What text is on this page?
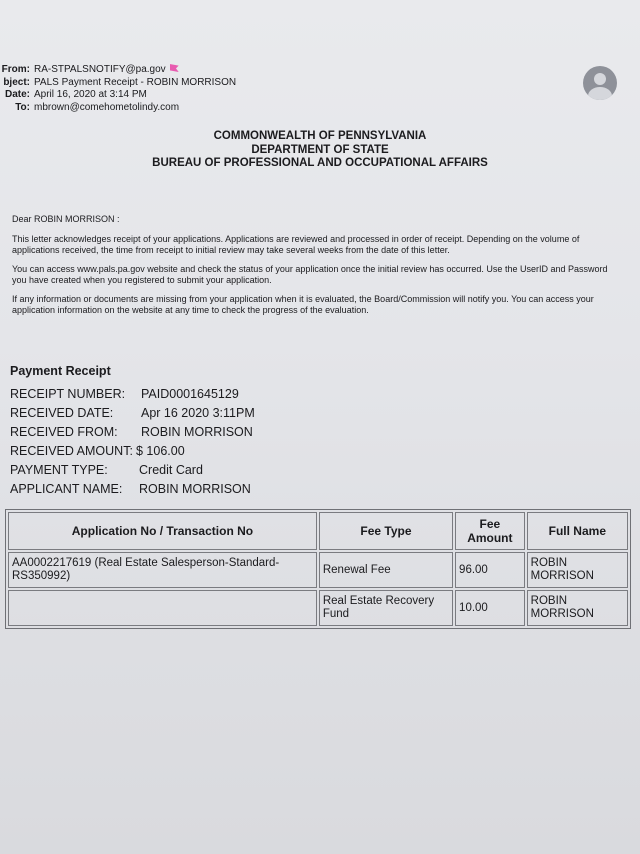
From: RA-STPALSNOTIFY@pa.gov
bject: PALS Payment Receipt - ROBIN MORRISON
Date: April 16, 2020 at 3:14 PM
To: mbrown@comehometolindy.com
COMMONWEALTH OF PENNSYLVANIA
DEPARTMENT OF STATE
BUREAU OF PROFESSIONAL AND OCCUPATIONAL AFFAIRS

Dear ROBIN MORRISON :

This letter acknowledges receipt of your applications. Applications are reviewed and processed in order of receipt. Depending on the volume of applications received, the time from receipt to initial review may take several weeks from the date of this letter.

You can access www.pals.pa.gov website and check the status of your application once the initial review has occurred. Use the UserID and Password you have created when you registered to submit your application.

If any information or documents are missing from your application when it is evaluated, the Board/Commission will notify you. You can access your application information on the website at any time to check the progress of the evaluation.

Payment Receipt
RECEIPT NUMBER:	PAID0001645129
RECEIVED DATE:	Apr 16 2020 3:11PM
RECEIVED FROM:	ROBIN MORRISON
RECEIVED AMOUNT: $ 106.00
PAYMENT TYPE:	Credit Card
APPLICANT NAME:	ROBIN MORRISON
Application No / Transaction No	Fee Type	Fee Amount	Full Name
AA0002217619 (Real Estate Salesperson-Standard-RS350992)	Renewal Fee	96.00	ROBIN MORRISON
	Real Estate Recovery Fund	10.00	ROBIN MORRISON
